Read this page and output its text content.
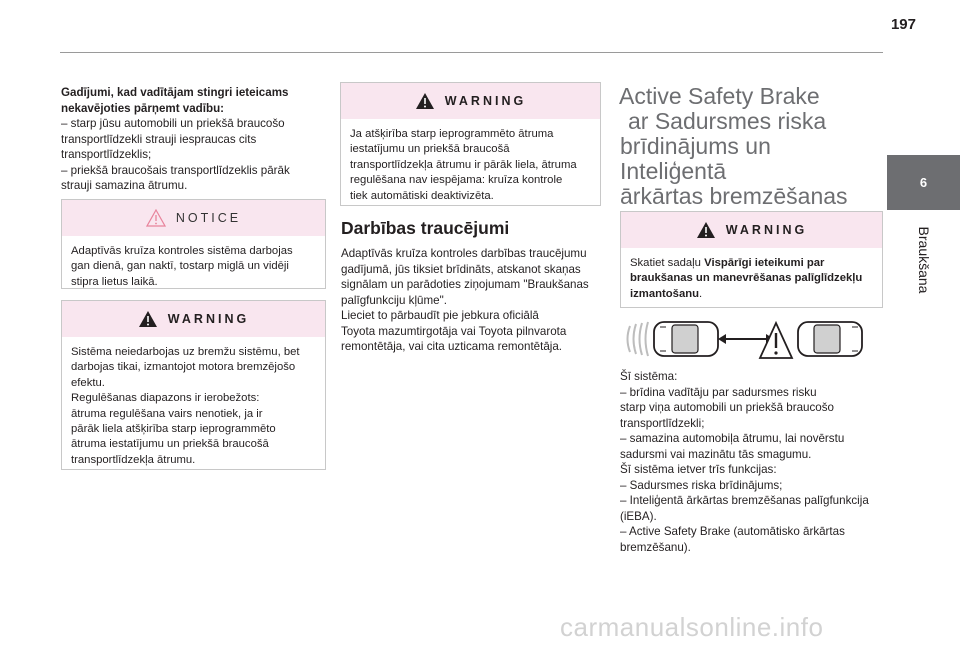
197
6
Braukšana

Gadījumi, kad vadītājam stingri ieteicams nekavējoties pārņemt vadību:

– starp jūsu automobili un priekšā braucošo

transportlīdzekli strauji iespraucas cits

transportlīdzeklis;

– priekšā braucošais transportlīdzeklis pārāk

strauji samazina ātrumu.

NOTICE

Adaptīvās kruīza kontroles sistēma darbojas

gan dienā, gan naktī, tostarp miglā un vidēji

stipra lietus laikā.

WARNING

Sistēma neiedarbojas uz bremžu sistēmu, bet

darbojas tikai, izmantojot motora bremzējošo

efektu.

Regulēšanas diapazons ir ierobežots:

ātruma regulēšana vairs nenotiek, ja ir

pārāk liela atšķirība starp ieprogrammēto

ātruma iestatījumu un priekšā braucošā

transportlīdzekļa ātrumu.

WARNING

Ja atšķirība starp ieprogrammēto ātruma

iestatījumu un priekšā braucošā

transportlīdzekļa ātrumu ir pārāk liela, ātruma

regulēšana nav iespējama: kruīza kontrole

tiek automātiski deaktivizēta.

Darbības traucējumi

Adaptīvās kruīza kontroles darbības traucējumu

gadījumā, jūs tiksiet brīdināts, atskanot skaņas

signālam un parādoties ziņojumam "Braukšanas

palīgfunkciju kļūme".

Lieciet to pārbaudīt pie jebkura oficiālā

Toyota mazumtirgotāja vai Toyota pilnvarota

remontētāja, vai cita uzticama remontētāja.

Active Safety Brake

ar Sadursmes riska

brīdinājums un Inteliģentā

ārkārtas bremzēšanas

WARNING

Skatiet sadaļu Vispārīgi ieteikumi par braukšanas un manevrēšanas palīglīdzekļu izmantošanu.

Šī sistēma:

– brīdina vadītāju par sadursmes risku

starp viņa automobili un priekšā braucošo

transportlīdzekli;

– samazina automobiļa ātrumu, lai novērstu

sadursmi vai mazinātu tās smagumu.

Šī sistēma ietver trīs funkcijas:

– Sadursmes riska brīdinājums;

– Inteliģentā ārkārtas bremzēšanas palīgfunkcija

(iEBA).

– Active Safety Brake (automātisko ārkārtas

bremzēšanu).

carmanualsonline.info
